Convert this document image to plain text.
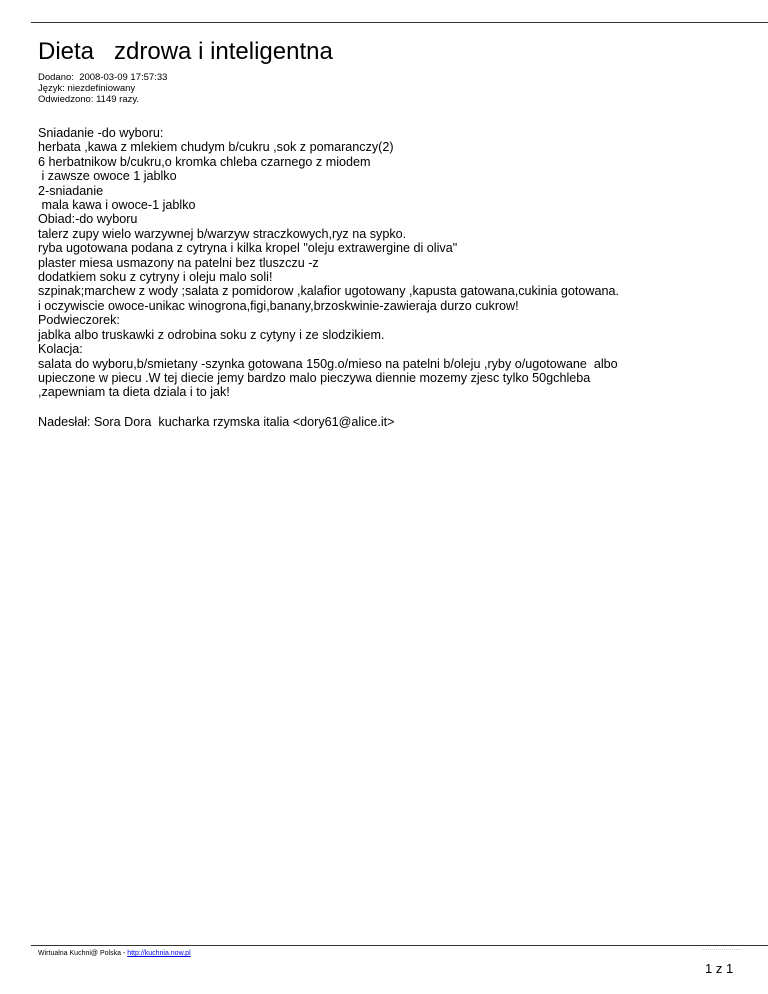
Dieta   zdrowa i inteligentna
Dodano:  2008-03-09 17:57:33
Język: niezdefiniowany
Odwiedzono: 1149 razy.
Sniadanie -do wyboru:
herbata ,kawa z mlekiem chudym b/cukru ,sok z pomaranczy(2)
6 herbatnikow b/cukru,o kromka chleba czarnego z miodem
i zawsze owoce 1 jablko
2-sniadanie
mala kawa i owoce-1 jablko
Obiad:-do wyboru
talerz zupy wielo warzywnej b/warzyw straczkowych,ryz na sypko.
ryba ugotowana podana z cytryna i kilka kropel "oleju extrawergine di oliva"
plaster miesa usmazony na patelni bez tluszczu -z
dodatkiem soku z cytryny i oleju malo soli!
szpinak;marchew z wody ;salata z pomidorow ,kalafior ugotowany ,kapusta gatowana,cukinia gotowana.
i oczywiscie owoce-unikac winogrona,figi,banany,brzoskwinie-zawieraja durzo cukrow!
Podwieczorek:
jablka albo truskawki z odrobina soku z cytyny i ze slodzikiem.
Kolacja:
salata do wyboru,b/smietany -szynka gotowana 150g.o/mieso na patelni b/oleju ,ryby o/ugotowane  albo
upieczone w piecu .W tej diecie jemy bardzo malo pieczywa diennie mozemy zjesc tylko 50gchleba
,zapewniam ta dieta dziala i to jak!
Nadesłał: Sora Dora  kucharka rzymska italia <dory61@alice.it>
Wirtualna Kuchni@ Polska - http://kuchnia.now.pl
1 z 1
